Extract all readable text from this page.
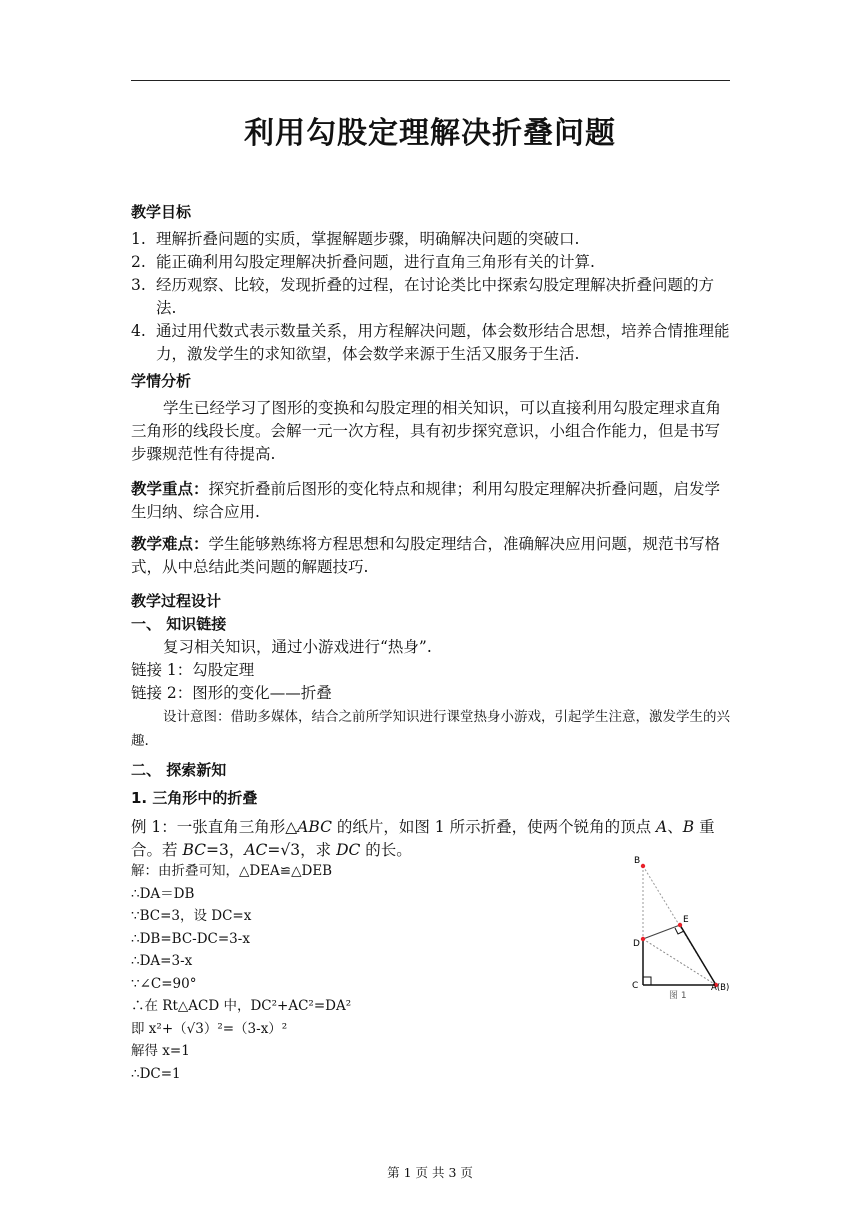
利用勾股定理解决折叠问题
教学目标
1. 理解折叠问题的实质，掌握解题步骤，明确解决问题的突破口.
2. 能正确利用勾股定理解决折叠问题，进行直角三角形有关的计算.
3. 经历观察、比较，发现折叠的过程，在讨论类比中探索勾股定理解决折叠问题的方法.
4. 通过用代数式表示数量关系，用方程解决问题，体会数形结合思想，培养合情推理能力，激发学生的求知欲望，体会数学来源于生活又服务于生活.
学情分析
学生已经学习了图形的变换和勾股定理的相关知识，可以直接利用勾股定理求直角三角形的线段长度。会解一元一次方程，具有初步探究意识，小组合作能力，但是书写步骤规范性有待提高.
教学重点：探究折叠前后图形的变化特点和规律；利用勾股定理解决折叠问题，启发学生归纳、综合应用.
教学难点：学生能够熟练将方程思想和勾股定理结合，准确解决应用问题，规范书写格式，从中总结此类问题的解题技巧.
教学过程设计
一、 知识链接
复习相关知识，通过小游戏进行“热身”.
链接 1：勾股定理
链接 2：图形的变化——折叠
设计意图：借助多媒体，结合之前所学知识进行课堂热身小游戏，引起学生注意，激发学生的兴趣.
二、 探索新知
1. 三角形中的折叠
例 1：一张直角三角形△ABC 的纸片，如图 1 所示折叠，使两个锐角的顶点 A、B 重合。若 BC=3，AC=√3，求 DC 的长。
解：由折叠可知，△DEA≌△DEB
∴DA＝DB
∵BC=3，设 DC=x
∴DB=BC-DC=3-x
∴DA=3-x
∵∠C=90°
∴在 Rt△ACD 中，DC²+AC²=DA²
即 x²+（√3）²=（3-x）²
解得 x=1
∴DC=1
B
E
D
C	A(B)
图 1
第 1 页 共 3 页
